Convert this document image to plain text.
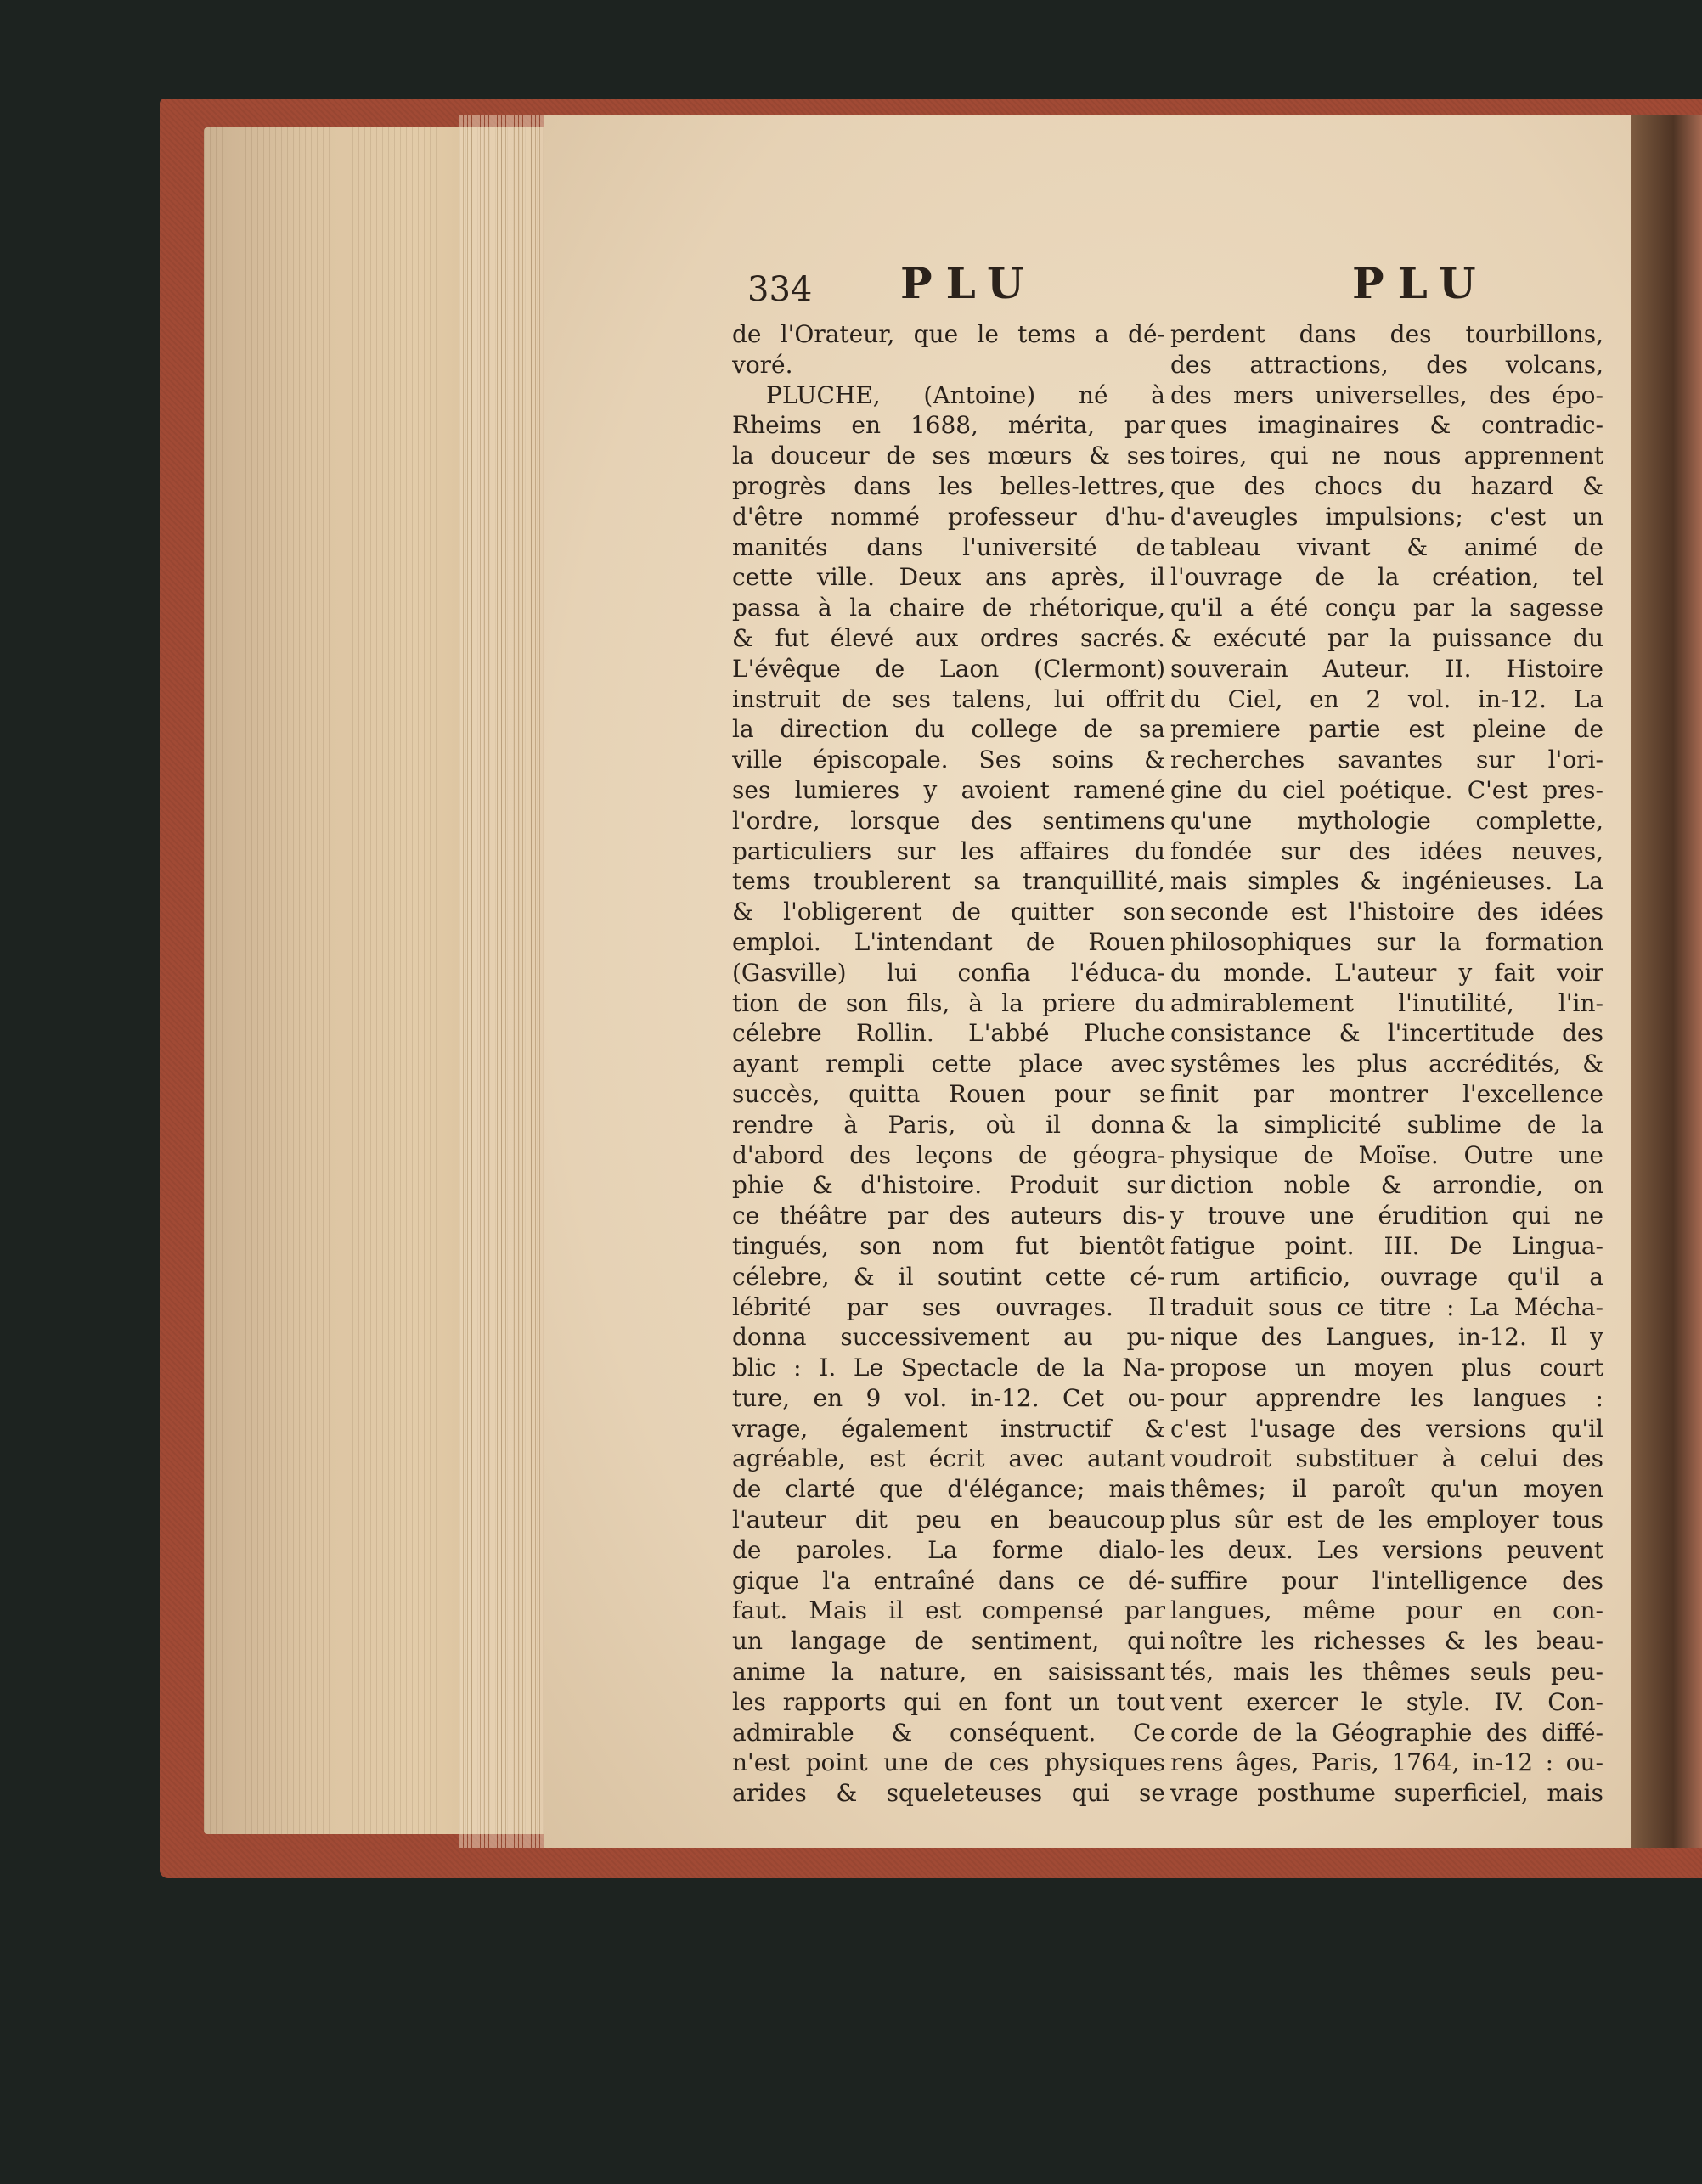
334 PLU	PLU
de l'Orateur, que le tems a dé-
voré.
PLUCHE, (Antoine) né à
Rheims en 1688, mérita, par
la douceur de ses mœurs & ses
progrès dans les belles-lettres,
d'être nommé professeur d'hu-
manités dans l'université de
cette ville. Deux ans après, il
passa à la chaire de rhétorique,
& fut élevé aux ordres sacrés.
L'évêque de Laon (Clermont)
instruit de ses talens, lui offrit
la direction du college de sa
ville épiscopale. Ses soins &
ses lumieres y avoient ramené
l'ordre, lorsque des sentimens
particuliers sur les affaires du
tems troublerent sa tranquillité,
& l'obligerent de quitter son
emploi. L'intendant de Rouen
(Gasville) lui confia l'éduca-
tion de son fils, à la priere du
célebre Rollin. L'abbé Pluche
ayant rempli cette place avec
succès, quitta Rouen pour se
rendre à Paris, où il donna
d'abord des leçons de géogra-
phie & d'histoire. Produit sur
ce théâtre par des auteurs dis-
tingués, son nom fut bientôt
célebre, & il soutint cette cé-
lébrité par ses ouvrages. Il
donna successivement au pu-
blic : I. Le Spectacle de la Na-
ture, en 9 vol. in-12. Cet ou-
vrage, également instructif &
agréable, est écrit avec autant
de clarté que d'élégance; mais
l'auteur dit peu en beaucoup
de paroles. La forme dialo-
gique l'a entraîné dans ce dé-
faut. Mais il est compensé par
un langage de sentiment, qui
anime la nature, en saisissant
les rapports qui en font un tout
admirable & conséquent. Ce
n'est point une de ces physiques
arides & squeleteuses qui se
perdent dans des tourbillons,
des attractions, des volcans,
des mers universelles, des épo-
ques imaginaires & contradic-
toires, qui ne nous apprennent
que des chocs du hazard &
d'aveugles impulsions; c'est un
tableau vivant & animé de
l'ouvrage de la création, tel
qu'il a été conçu par la sagesse
& exécuté par la puissance du
souverain Auteur. II. Histoire
du Ciel, en 2 vol. in-12. La
premiere partie est pleine de
recherches savantes sur l'ori-
gine du ciel poétique. C'est pres-
qu'une mythologie complette,
fondée sur des idées neuves,
mais simples & ingénieuses. La
seconde est l'histoire des idées
philosophiques sur la formation
du monde. L'auteur y fait voir
admirablement l'inutilité, l'in-
consistance & l'incertitude des
systêmes les plus accrédités, &
finit par montrer l'excellence
& la simplicité sublime de la
physique de Moïse. Outre une
diction noble & arrondie, on
y trouve une érudition qui ne
fatigue point. III. De Lingua-
rum artificio, ouvrage qu'il a
traduit sous ce titre : La Mécha-
nique des Langues, in-12. Il y
propose un moyen plus court
pour apprendre les langues :
c'est l'usage des versions qu'il
voudroit substituer à celui des
thêmes; il paroît qu'un moyen
plus sûr est de les employer tous
les deux. Les versions peuvent
suffire pour l'intelligence des
langues, même pour en con-
noître les richesses & les beau-
tés, mais les thêmes seuls peu-
vent exercer le style. IV. Con-
corde de la Géographie des diffé-
rens âges, Paris, 1764, in-12 : ou-
vrage posthume superficiel, mais
